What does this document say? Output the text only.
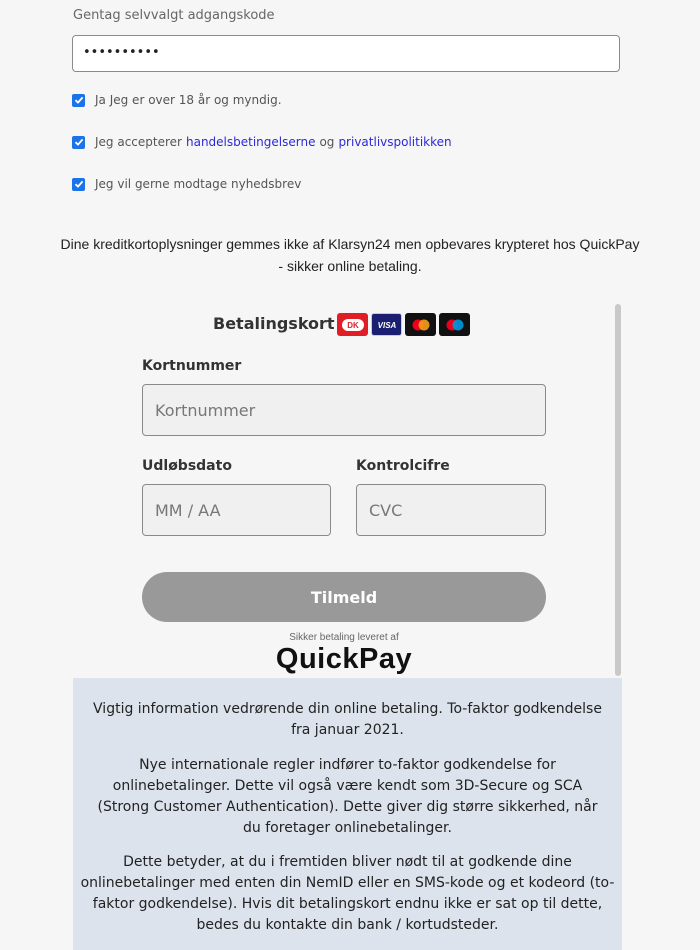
Gentag selvvalgt adgangskode
••••••••••
Ja Jeg er over 18 år og myndig.
Jeg accepterer handelsbetingelserne og privatlivspolitikken
Jeg vil gerne modtage nyhedsbrev
Dine kreditkortoplysninger gemmes ikke af Klarsyn24 men opbevares krypteret hos QuickPay - sikker online betaling.
Betalingskort DK VISA
Kortnummer
Kortnummer
Udløbsdato
MM / AA
Kontrolcifre
CVC
Tilmeld
Sikker betaling leveret af
QuickPay
Vigtig information vedrørende din online betaling. To-faktor godkendelse fra januar 2021.
Nye internationale regler indfører to-faktor godkendelse for onlinebetalinger. Dette vil også være kendt som 3D-Secure og SCA (Strong Customer Authentication). Dette giver dig større sikkerhed, når du foretager onlinebetalinger.
Dette betyder, at du i fremtiden bliver nødt til at godkende dine onlinebetalinger med enten din NemID eller en SMS-kode og et kodeord (to-faktor godkendelse). Hvis dit betalingskort endnu ikke er sat op til dette, bedes du kontakte din bank / kortudsteder.
